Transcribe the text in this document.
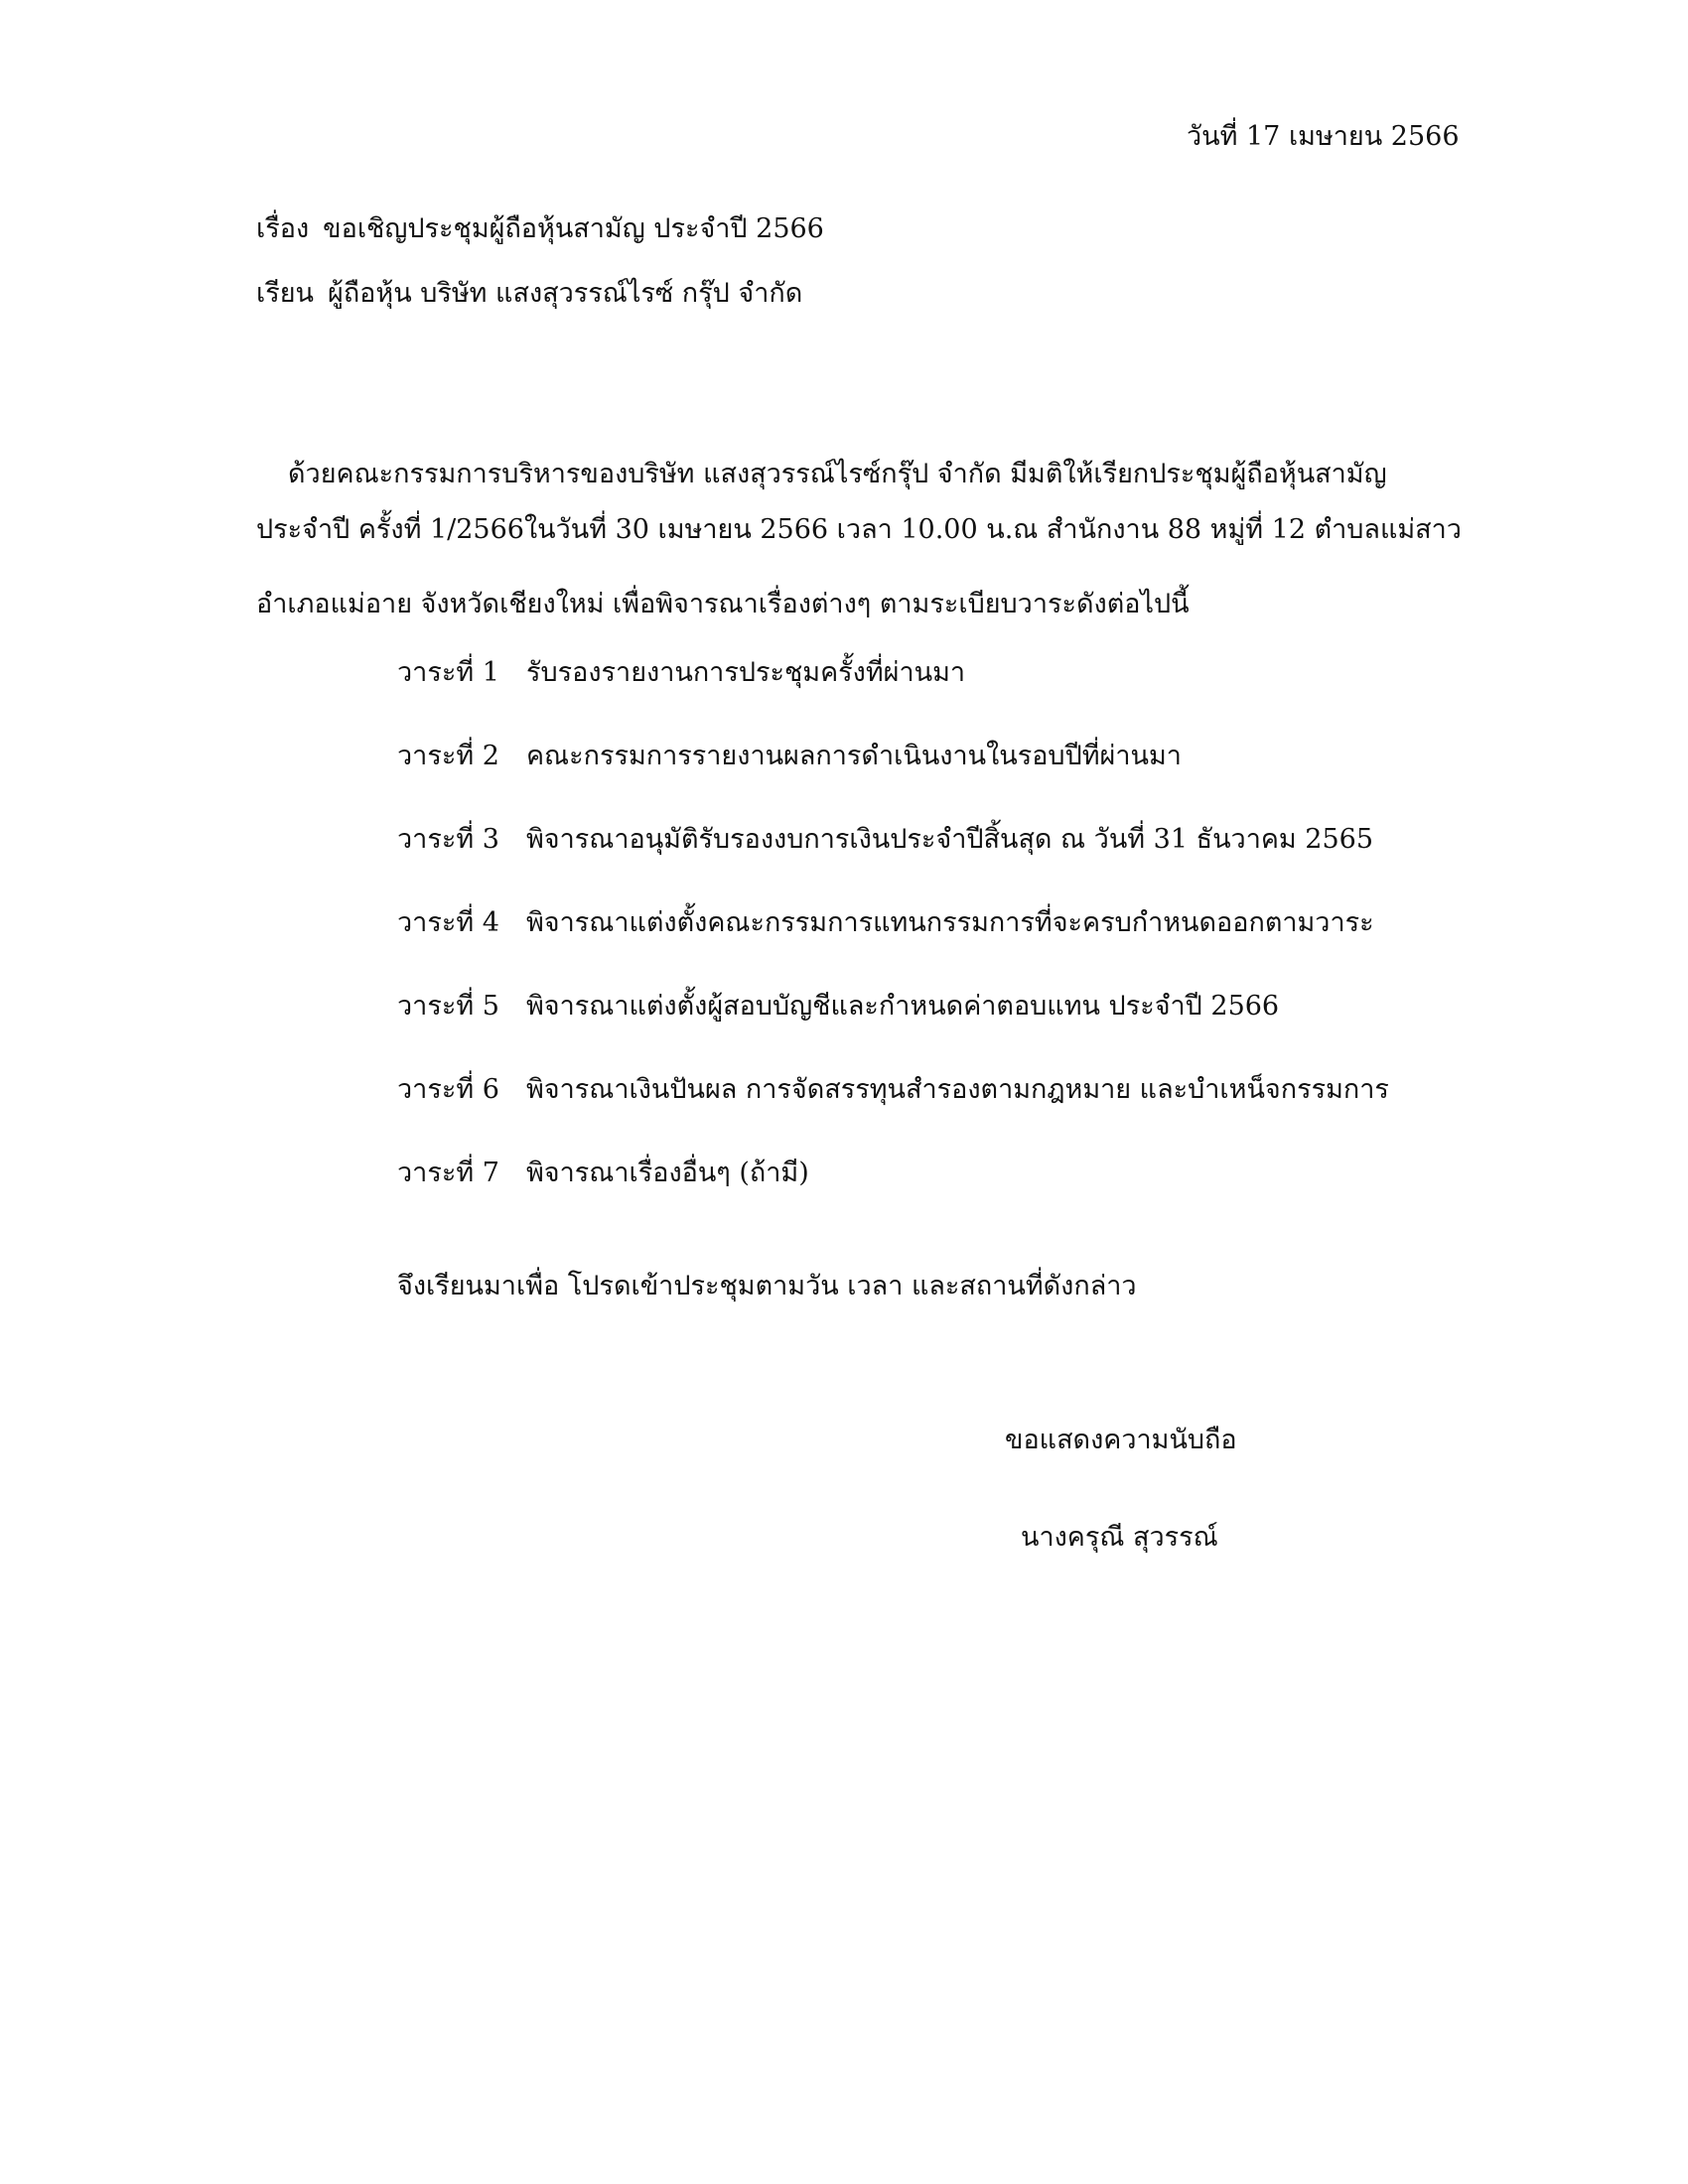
วันที่ 17 เมษายน 2566
เรื่อง ขอเชิญประชุมผู้ถือหุ้นสามัญ ประจำปี 2566
เรียน ผู้ถือหุ้น บริษัท แสงสุวรรณ์ไรซ์ กรุ๊ป จำกัด
ด้วยคณะกรรมการบริหารของบริษัท แสงสุวรรณ์ไรซ์กรุ๊ป จำกัด มีมติให้เรียกประชุมผู้ถือหุ้นสามัญ
ประจำปี ครั้งที่ 1/2566ในวันที่ 30 เมษายน 2566 เวลา 10.00 น.ณ สำนักงาน 88 หมู่ที่ 12 ตำบลแม่สาว
อำเภอแม่อาย จังหวัดเชียงใหม่ เพื่อพิจารณาเรื่องต่างๆ ตามระเบียบวาระดังต่อไปนี้
วาระที่ 1 รับรองรายงานการประชุมครั้งที่ผ่านมา
วาระที่ 2 คณะกรรมการรายงานผลการดำเนินงานในรอบปีที่ผ่านมา
วาระที่ 3 พิจารณาอนุมัติรับรองงบการเงินประจำปีสิ้นสุด ณ วันที่ 31 ธันวาคม 2565
วาระที่ 4 พิจารณาแต่งตั้งคณะกรรมการแทนกรรมการที่จะครบกำหนดออกตามวาระ
วาระที่ 5 พิจารณาแต่งตั้งผู้สอบบัญชีและกำหนดค่าตอบแทน ประจำปี 2566
วาระที่ 6 พิจารณาเงินปันผล การจัดสรรทุนสำรองตามกฎหมาย และบำเหน็จกรรมการ
วาระที่ 7 พิจารณาเรื่องอื่นๆ (ถ้ามี)
จึงเรียนมาเพื่อ โปรดเข้าประชุมตามวัน เวลา และสถานที่ดังกล่าว
ขอแสดงความนับถือ
นางครุณี สุวรรณ์
